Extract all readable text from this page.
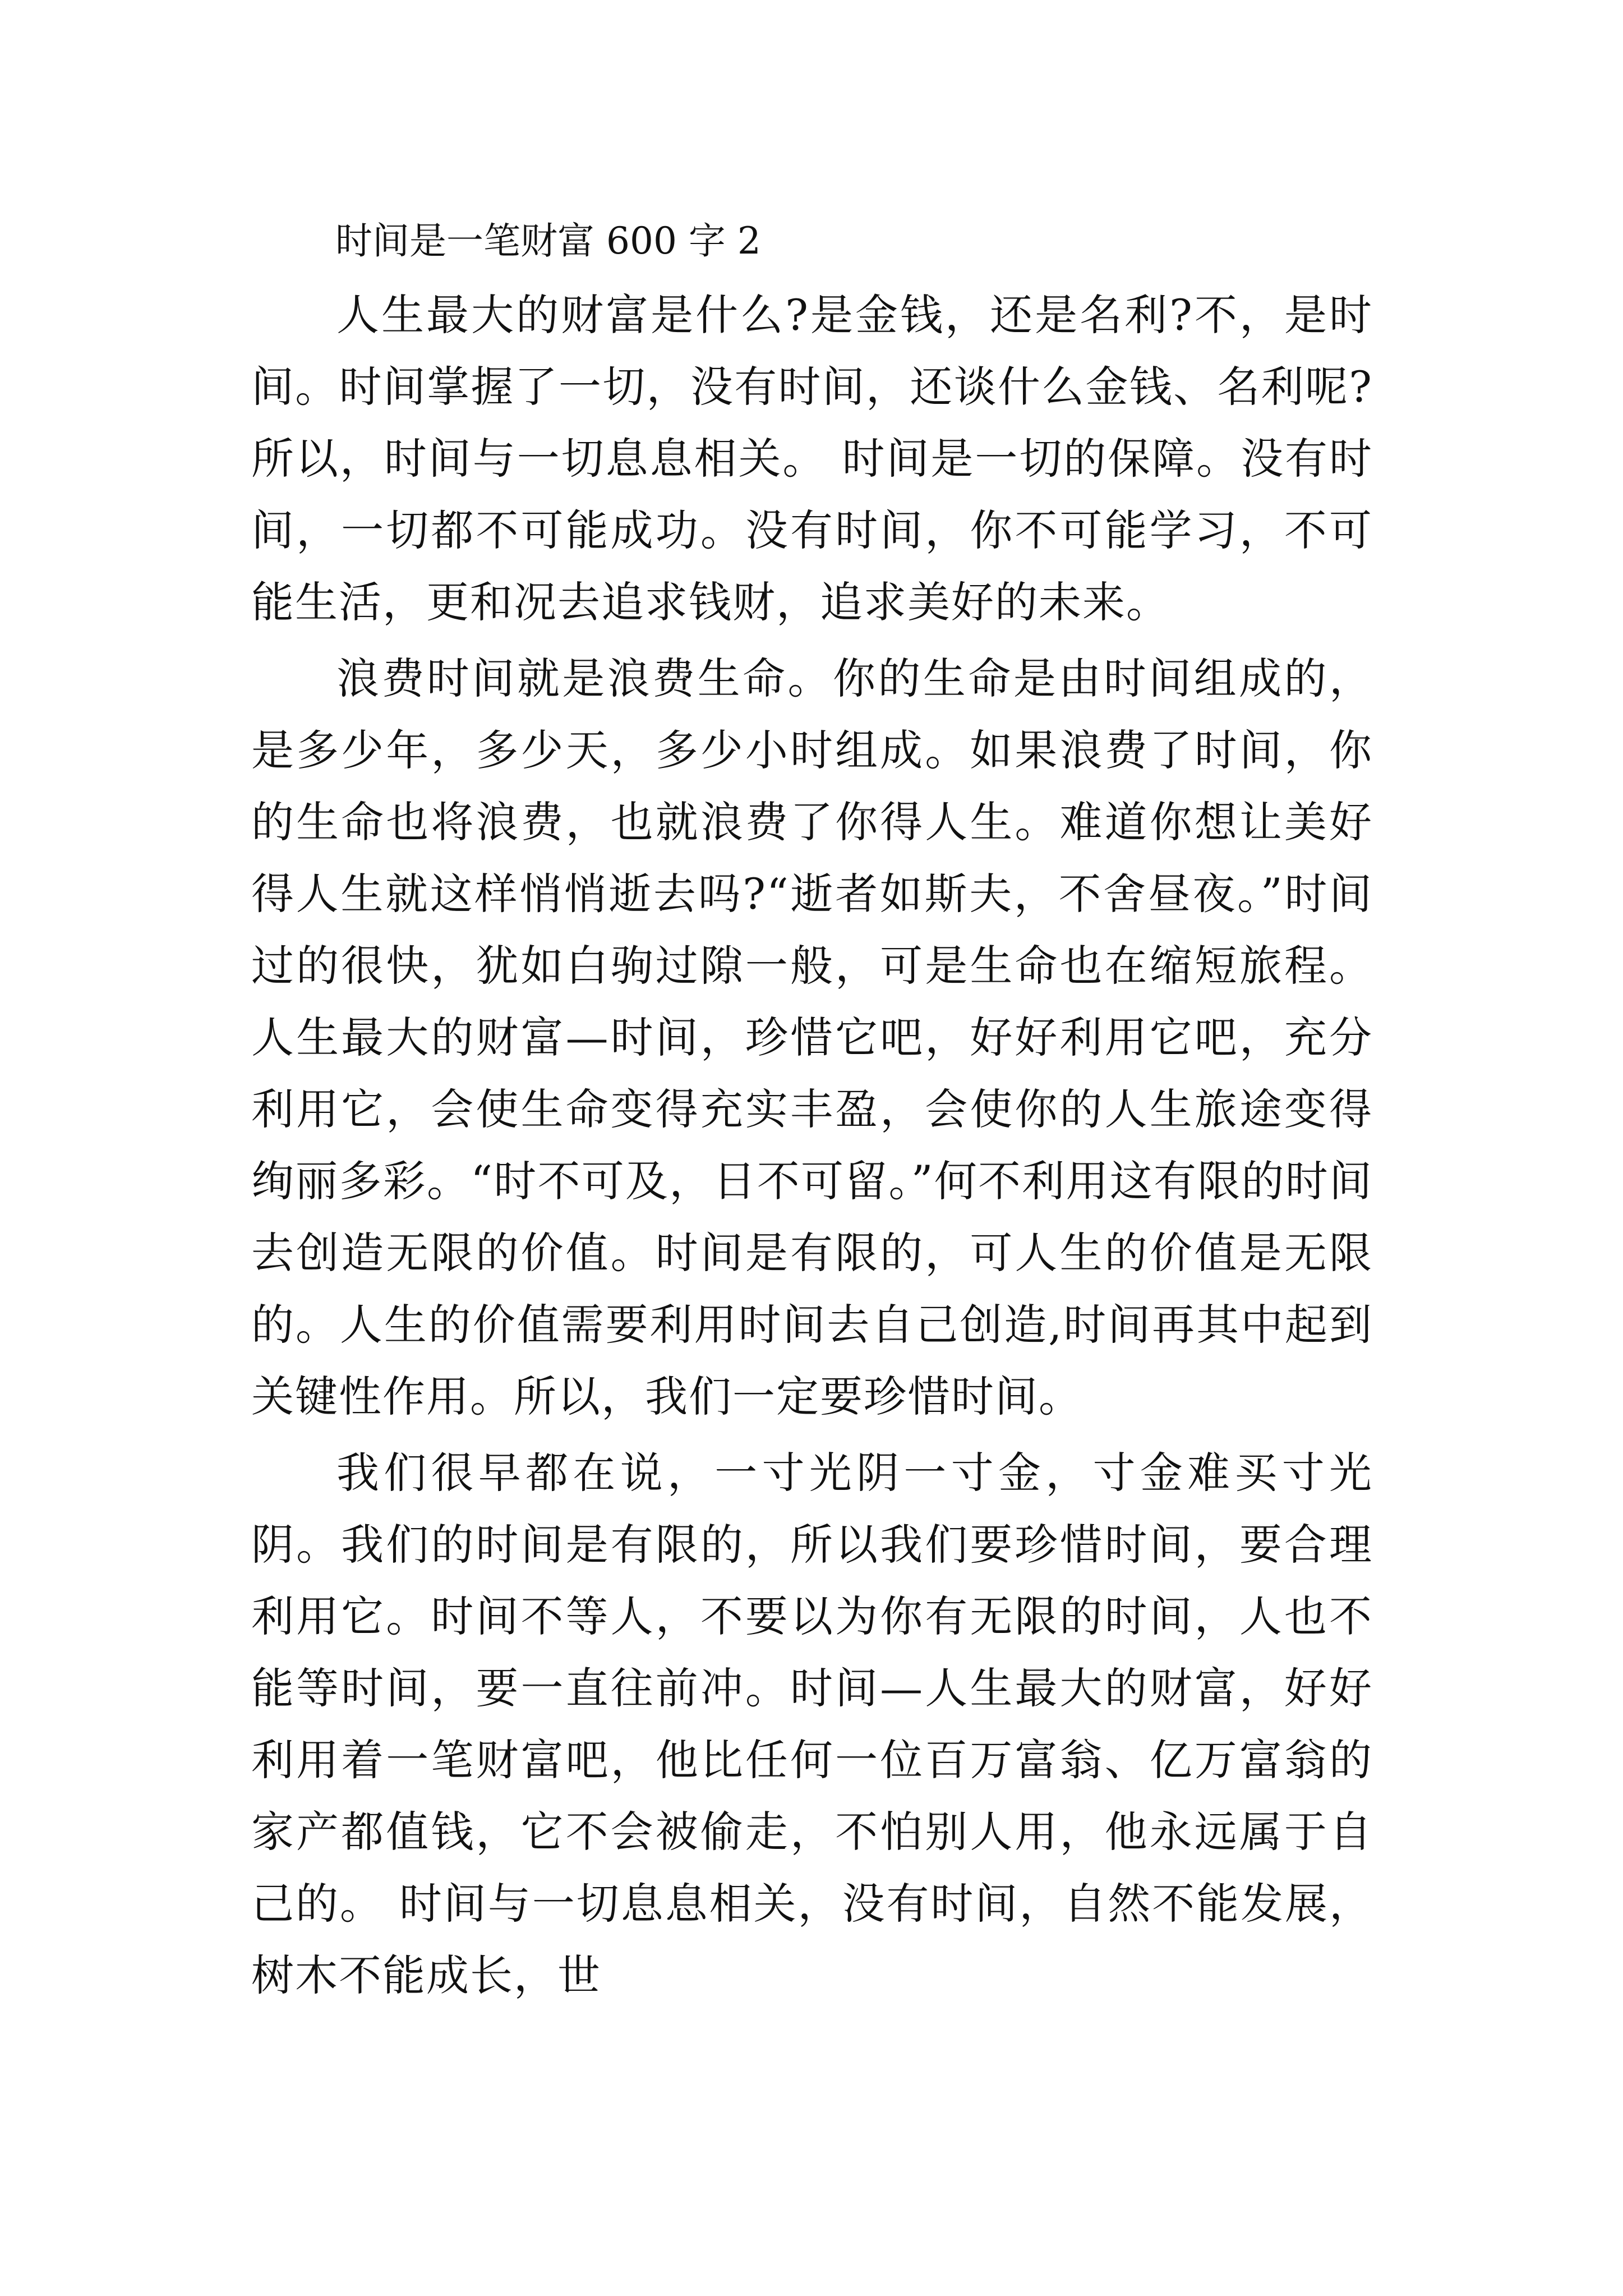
时间是一笔财富 600 字 2

人生最大的财富是什么?是金钱，还是名利?不，是时间。时间掌握了一切，没有时间，还谈什么金钱、名利呢?所以，时间与一切息息相关。 时间是一切的保障。没有时间，一切都不可能成功。没有时间，你不可能学习，不可能生活，更和况去追求钱财，追求美好的未来。

浪费时间就是浪费生命。你的生命是由时间组成的，是多少年，多少天，多少小时组成。如果浪费了时间，你的生命也将浪费，也就浪费了你得人生。难道你想让美好得人生就这样悄悄逝去吗?“逝者如斯夫，不舍昼夜。”时间过的很快，犹如白驹过隙一般，可是生命也在缩短旅程。人生最大的财富—时间，珍惜它吧，好好利用它吧，充分利用它，会使生命变得充实丰盈，会使你的人生旅途变得绚丽多彩。“时不可及，日不可留。”何不利用这有限的时间去创造无限的价值。时间是有限的，可人生的价值是无限的。人生的价值需要利用时间去自己创造,时间再其中起到关键性作用。所以，我们一定要珍惜时间。

我们很早都在说，一寸光阴一寸金，寸金难买寸光阴。我们的时间是有限的，所以我们要珍惜时间，要合理利用它。时间不等人，不要以为你有无限的时间，人也不能等时间，要一直往前冲。时间—人生最大的财富，好好利用着一笔财富吧，他比任何一位百万富翁、亿万富翁的家产都值钱，它不会被偷走，不怕别人用，他永远属于自己的。 时间与一切息息相关，没有时间，自然不能发展，树木不能成长，世
